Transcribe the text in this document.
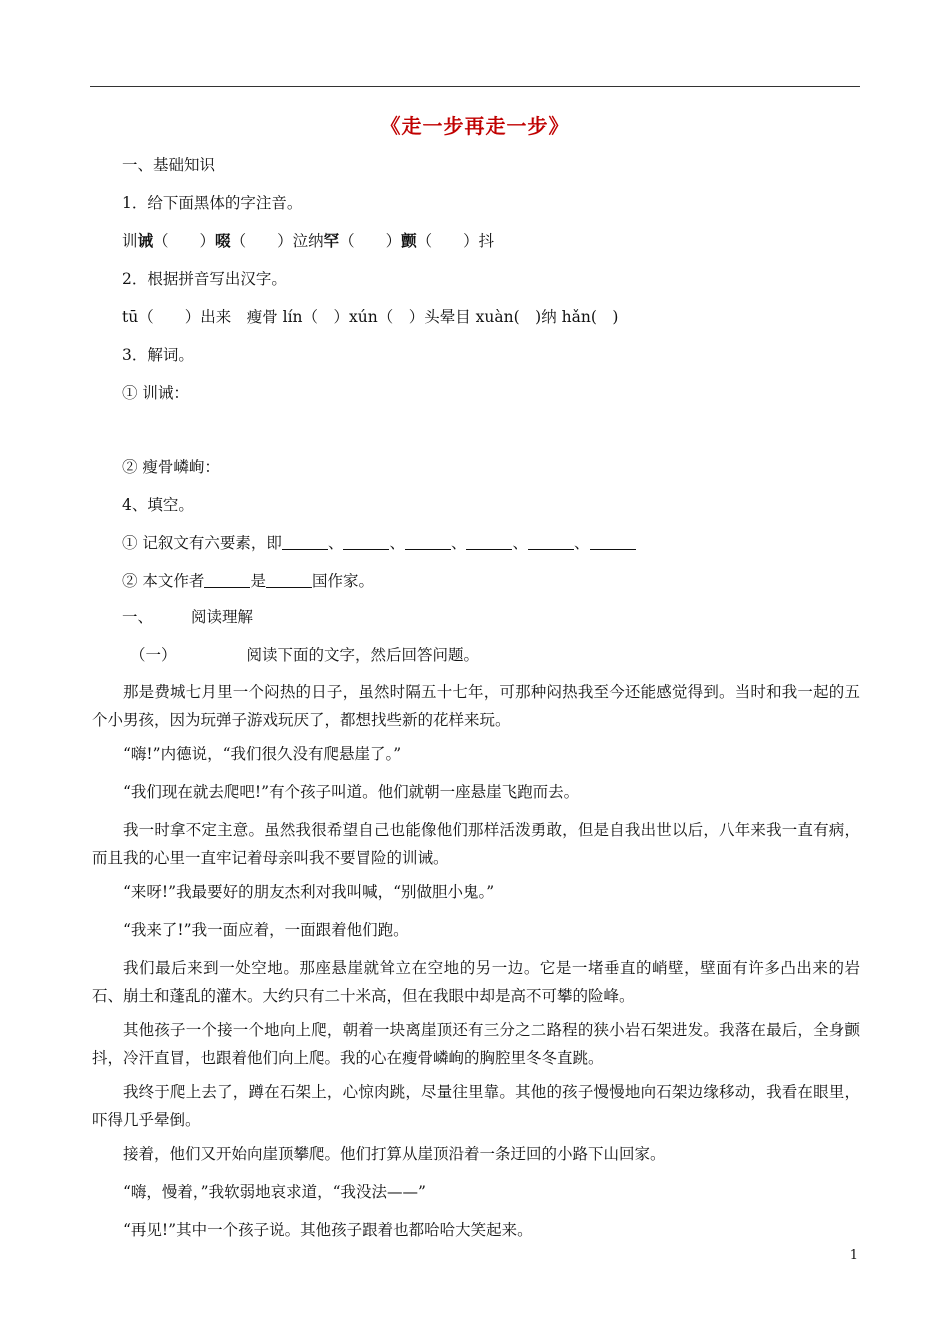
《走一步再走一步》
一、基础知识
1．给下面黑体的字注音。
训诫（　　）啜（　　）泣纳罕（　　）颤（　　）抖
2．根据拼音写出汉字。
tū（　　）出来　瘦骨 lín（　）xún（　）头晕目 xuàn(　)纳 hǎn(　)
3．解词。
① 训诫：
② 瘦骨嶙峋：
4、填空。
① 记叙文有六要素，即	、	、	、	、	、
② 本文作者	是	国作家。
一、 阅读理解
（一）	阅读下面的文字，然后回答问题。
那是费城七月里一个闷热的日子，虽然时隔五十七年，可那种闷热我至今还能感觉得到。当时和我一起的五个小男孩，因为玩弹子游戏玩厌了，都想找些新的花样来玩。
“嗨!”内德说，“我们很久没有爬悬崖了。”
“我们现在就去爬吧!”有个孩子叫道。他们就朝一座悬崖飞跑而去。
我一时拿不定主意。虽然我很希望自己也能像他们那样活泼勇敢，但是自我出世以后，八年来我一直有病，而且我的心里一直牢记着母亲叫我不要冒险的训诫。
“来呀!”我最要好的朋友杰利对我叫喊，“别做胆小鬼。”
“我来了!”我一面应着，一面跟着他们跑。
我们最后来到一处空地。那座悬崖就耸立在空地的另一边。它是一堵垂直的峭壁，壁面有许多凸出来的岩石、崩土和蓬乱的灌木。大约只有二十米高，但在我眼中却是高不可攀的险峰。
其他孩子一个接一个地向上爬，朝着一块离崖顶还有三分之二路程的狭小岩石架进发。我落在最后，全身颤抖，冷汗直冒，也跟着他们向上爬。我的心在瘦骨嶙峋的胸腔里冬冬直跳。
我终于爬上去了，蹲在石架上，心惊肉跳，尽量往里靠。其他的孩子慢慢地向石架边缘移动，我看在眼里，吓得几乎晕倒。
接着，他们又开始向崖顶攀爬。他们打算从崖顶沿着一条迂回的小路下山回家。
“嗨，慢着，”我软弱地哀求道，“我没法——”
“再见!”其中一个孩子说。其他孩子跟着也都哈哈大笑起来。
1
